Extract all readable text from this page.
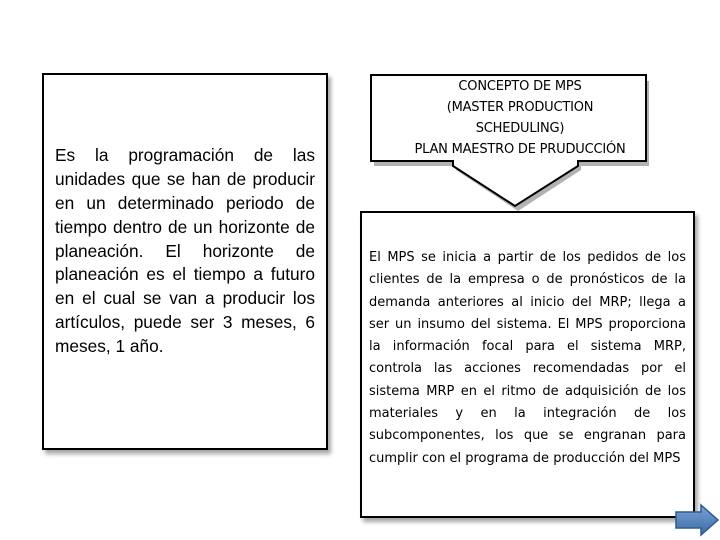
Es la programación de las unidades que se han de producir en un determinado periodo de tiempo dentro de un horizonte de planeación. El horizonte de planeación es el tiempo a futuro en el cual se van a producir los artículos, puede ser 3 meses, 6 meses, 1 año.

CONCEPTO DE MPS
(MASTER PRODUCTION
SCHEDULING)
PLAN MAESTRO DE PRUDUCCIÓN

El MPS se inicia a partir de los pedidos de los clientes de la empresa o de pronósticos de la demanda anteriores al inicio del MRP; llega a ser un insumo del sistema. El MPS proporciona la información focal para el sistema MRP, controla las acciones recomendadas por el sistema MRP en el ritmo de adquisición de los materiales y en la integración de los subcomponentes, los que se engranan para cumplir con el programa de producción del MPS
